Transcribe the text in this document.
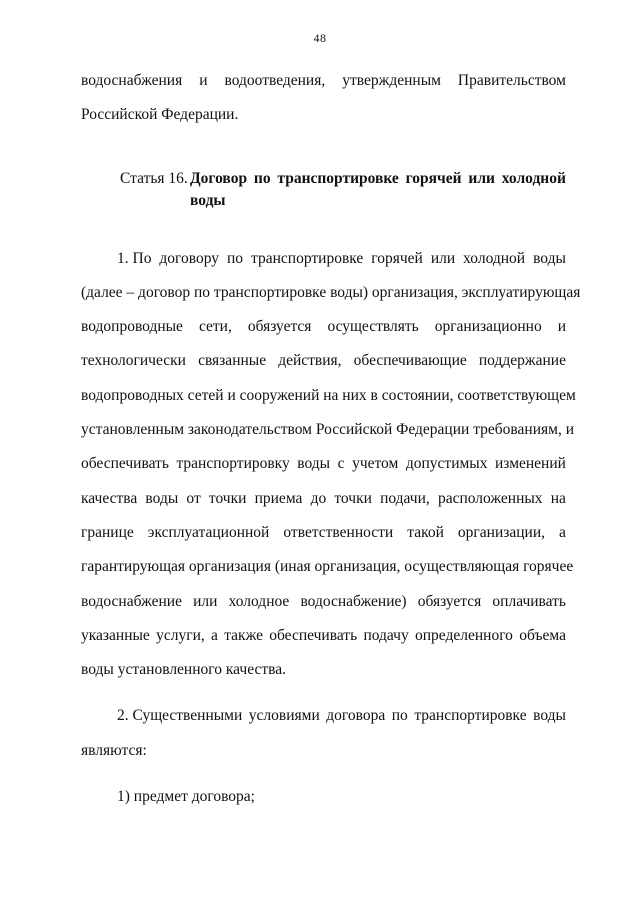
48
водоснабжения и водоотведения, утвержденным Правительством
Российской Федерации.
Статья 16. Договор по транспортировке горячей или холодной
воды
1. По договору по транспортировке горячей или холодной воды
(далее – договор по транспортировке воды) организация, эксплуатирующая
водопроводные сети, обязуется осуществлять организационно и
технологически связанные действия, обеспечивающие поддержание
водопроводных сетей и сооружений на них в состоянии, соответствующем
установленным законодательством Российской Федерации требованиям, и
обеспечивать транспортировку воды с учетом допустимых изменений
качества воды от точки приема до точки подачи, расположенных на
границе эксплуатационной ответственности такой организации, а
гарантирующая организация (иная организация, осуществляющая горячее
водоснабжение или холодное водоснабжение) обязуется оплачивать
указанные услуги, а также обеспечивать подачу определенного объема
воды установленного качества.
2. Существенными условиями договора по транспортировке воды
являются:
1) предмет договора;
